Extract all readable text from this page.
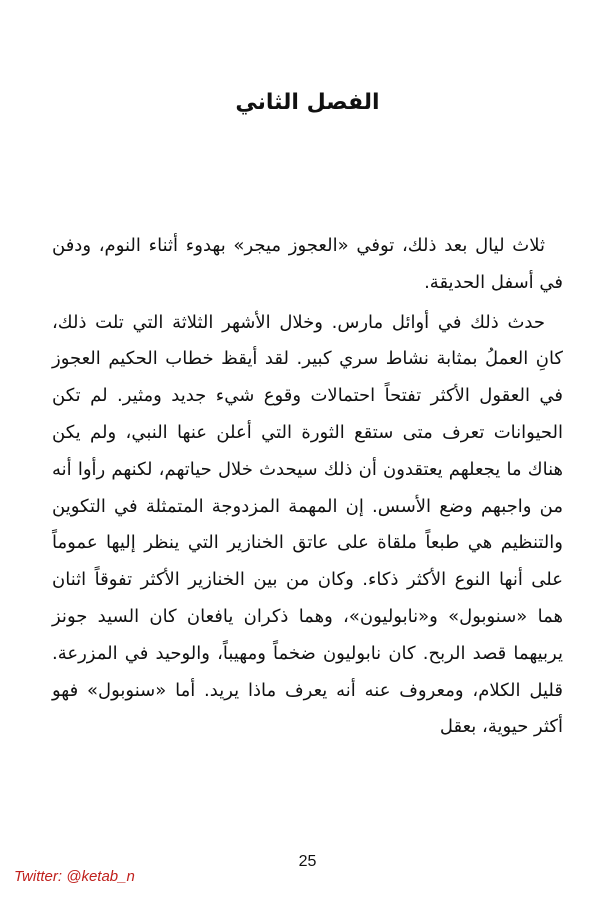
الفصل الثاني

ثلاث ليال بعد ذلك، توفي «العجوز ميجر» بهدوء أثناء النوم، ودفن في أسفل الحديقة.

حدث ذلك في أوائل مارس. وخلال الأشهر الثلاثة التي تلت ذلك، كانِ العملُ بمثابة نشاط سري كبير. لقد أيقظ خطاب الحكيم العجوز في العقول الأكثر تفتحاً احتمالات وقوع شيء جديد ومثير. لم تكن الحيوانات تعرف متى ستقع الثورة التي أعلن عنها النبي، ولم يكن هناك ما يجعلهم يعتقدون أن ذلك سيحدث خلال حياتهم، لكنهم رأوا أنه من واجبهم وضع الأسس. إن المهمة المزدوجة المتمثلة في التكوين والتنظيم هي طبعاً ملقاة على عاتق الخنازير التي ينظر إليها عموماً على أنها النوع الأكثر ذكاء. وكان من بين الخنازير الأكثر تفوقاً اثنان هما «سنوبول» و«نابوليون»، وهما ذكران يافعان كان السيد جونز يربيهما قصد الربح. كان نابوليون ضخماً ومهيباً، والوحيد في المزرعة. قليل الكلام، ومعروف عنه أنه يعرف ماذا يريد. أما «سنوبول» فهو أكثر حيوية، بعقل

25
Twitter: @ketab_n
